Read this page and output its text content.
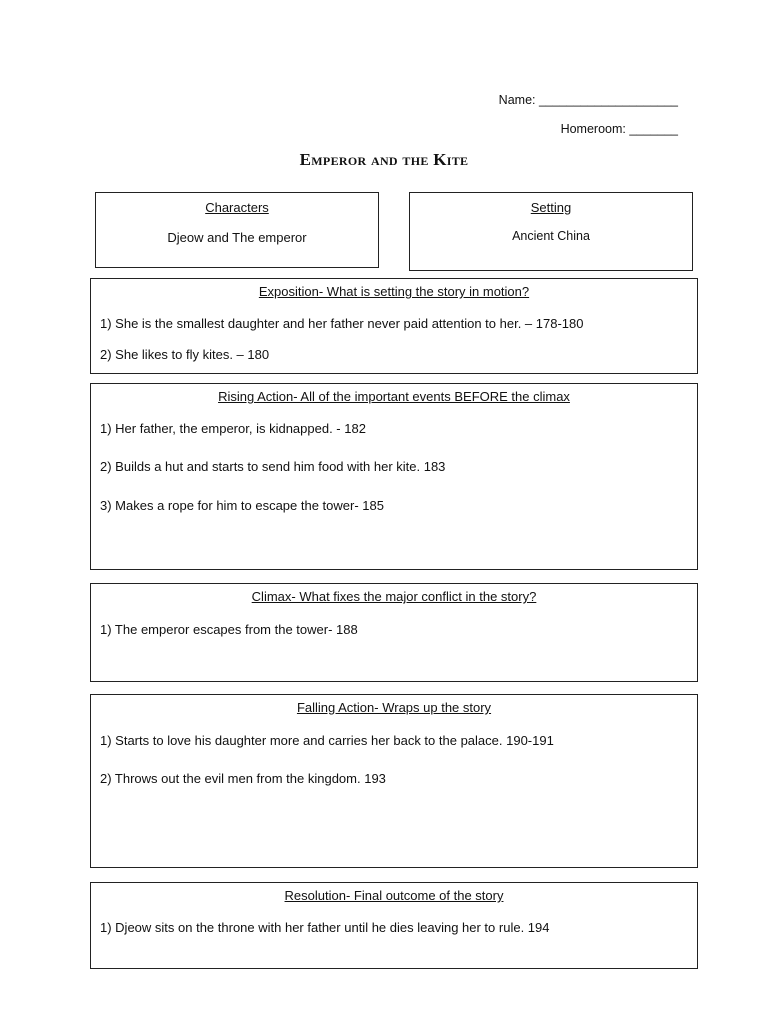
Name: ____________________
Homeroom: _______
Emperor and the Kite
Characters
Djeow and The emperor
Setting
Ancient China
Exposition- What is setting the story in motion?
1) She is the smallest daughter and her father never paid attention to her. – 178-180
2) She likes to fly kites. – 180
Rising Action- All of the important events BEFORE the climax
1) Her father, the emperor, is kidnapped. - 182
2) Builds a hut and starts to send him food with her kite. 183
3) Makes a rope for him to escape the tower- 185
Climax- What fixes the major conflict in the story?
1) The emperor escapes from the tower- 188
Falling Action- Wraps up the story
1) Starts to love his daughter more and carries her back to the palace. 190-191
2) Throws out the evil men from the kingdom. 193
Resolution- Final outcome of the story
1) Djeow sits on the throne with her father until he dies leaving her to rule. 194
